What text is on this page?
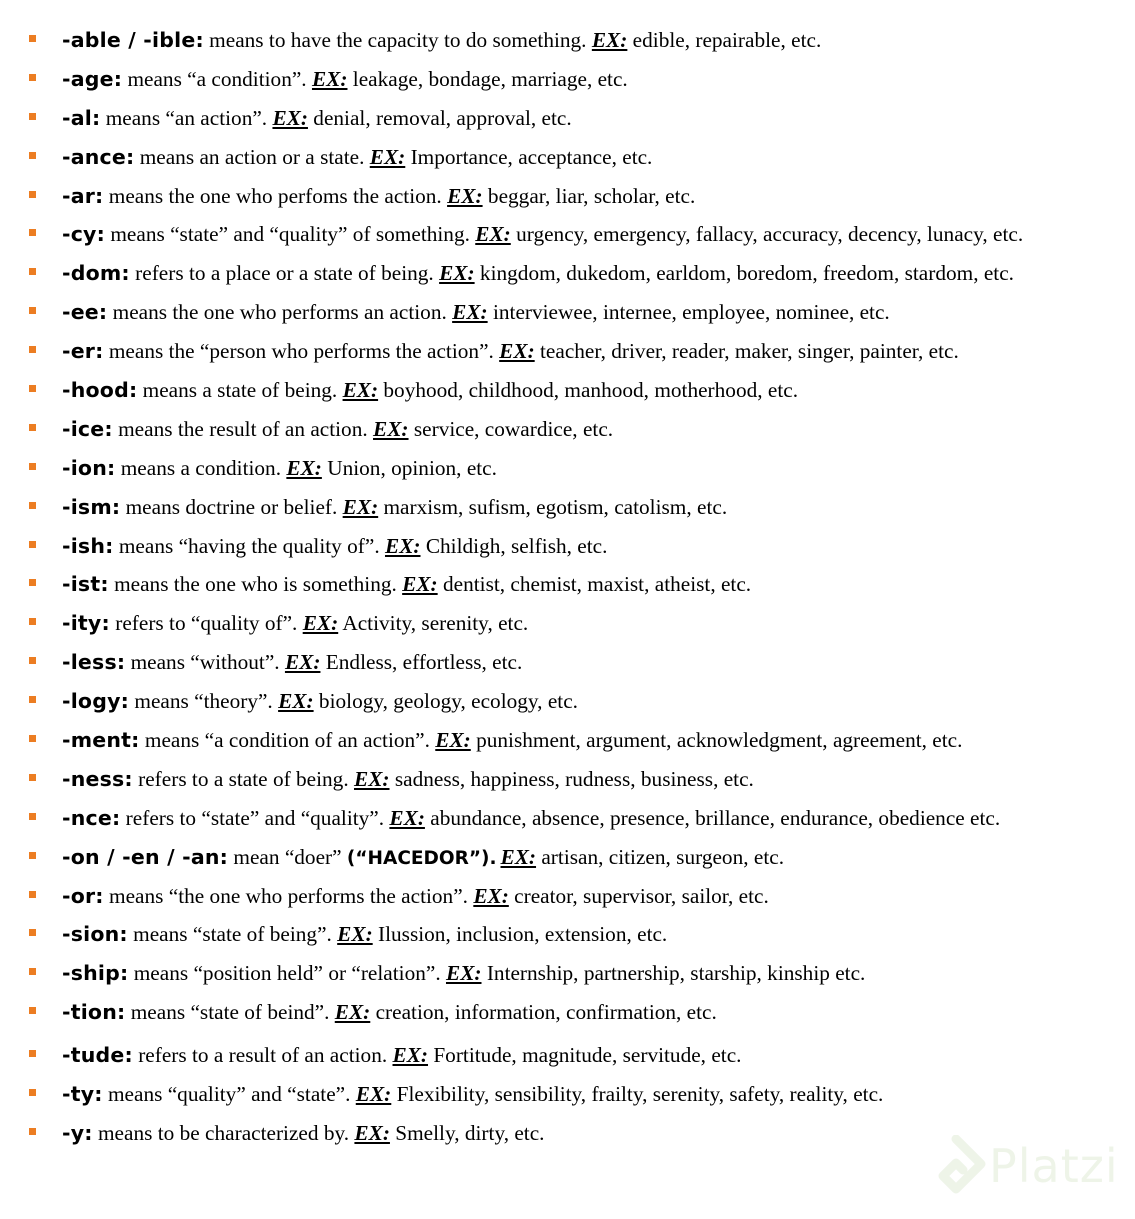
-able / -ible: means to have the capacity to do something. EX: edible, repairable, etc.
-age: means “a condition”. EX: leakage, bondage, marriage, etc.
-al: means “an action”. EX: denial, removal, approval, etc.
-ance: means an action or a state. EX: Importance, acceptance, etc.
-ar: means the one who perfoms the action. EX: beggar, liar, scholar, etc.
-cy: means “state” and “quality” of something. EX: urgency, emergency, fallacy, accuracy, decency, lunacy, etc.
-dom: refers to a place or a state of being. EX: kingdom, dukedom, earldom, boredom, freedom, stardom, etc.
-ee: means the one who performs an action. EX: interviewee, internee, employee, nominee, etc.
-er: means the “person who performs the action”. EX: teacher, driver, reader, maker, singer, painter, etc.
-hood: means a state of being. EX: boyhood, childhood, manhood, motherhood, etc.
-ice: means the result of an action. EX: service, cowardice, etc.
-ion: means a condition. EX: Union, opinion, etc.
-ism: means doctrine or belief. EX: marxism, sufism, egotism, catolism, etc.
-ish: means “having the quality of”. EX: Childigh, selfish, etc.
-ist: means the one who is something. EX: dentist, chemist, maxist, atheist, etc.
-ity: refers to “quality of”. EX: Activity, serenity, etc.
-less: means “without”. EX: Endless, effortless, etc.
-logy: means “theory”. EX: biology, geology, ecology, etc.
-ment: means “a condition of an action”. EX: punishment, argument, acknowledgment, agreement, etc.
-ness: refers to a state of being. EX: sadness, happiness, rudness, business, etc.
-nce: refers to “state” and “quality”. EX: abundance, absence, presence, brillance, endurance, obedience etc.
-on / -en / -an: mean “doer” (“HACEDOR”). EX: artisan, citizen, surgeon, etc.
-or: means “the one who performs the action”. EX: creator, supervisor, sailor, etc.
-sion: means “state of being”. EX: Ilussion, inclusion, extension, etc.
-ship: means “position held” or “relation”. EX: Internship, partnership, starship, kinship etc.
-tion: means “state of beind”. EX: creation, information, confirmation, etc.
-tude: refers to a result of an action. EX: Fortitude, magnitude, servitude, etc.
-ty: means “quality” and “state”. EX: Flexibility, sensibility, frailty, serenity, safety, reality, etc.
-y: means to be characterized by. EX: Smelly, dirty, etc.
Platzi
